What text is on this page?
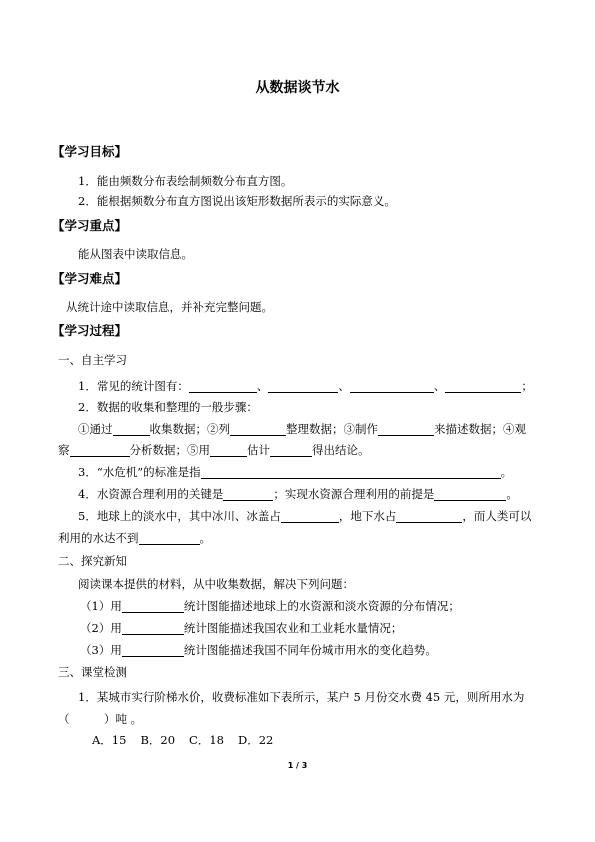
从数据谈节水
【学习目标】
1．能由频数分布表绘制频数分布直方图。
2．能根据频数分布直方图说出该矩形数据所表示的实际意义。
【学习重点】
能从图表中读取信息。
【学习难点】
从统计途中读取信息，并补充完整问题。
【学习过程】
一、自主学习
1．常见的统计图有：	、	、	、	；
2．数据的收集和整理的一般步骤：
①通过	收集数据；②列	整理数据；③制作	来描述数据；④观
察	分析数据；⑤用	估计	得出结论。
3．“水危机”的标准是指	。
4．水资源合理利用的关键是	；实现水资源合理利用的前提是	。
5．地球上的淡水中，其中冰川、冰盖占	，地下水占	，而人类可以
利用的水达不到	。
二、探究新知
阅读课本提供的材料，从中收集数据，解决下列问题：
（1）用	统计图能描述地球上的水资源和淡水资源的分布情况；
（2）用	统计图能描述我国农业和工业耗水量情况；
（3）用	统计图能描述我国不同年份城市用水的变化趋势。
三、课堂检测
1．某城市实行阶梯水价，收费标准如下表所示，某户 5 月份交水费 45 元，则所用水为
（　　　）吨 。
A．15 B．20 C．18 D．22
1 / 3
